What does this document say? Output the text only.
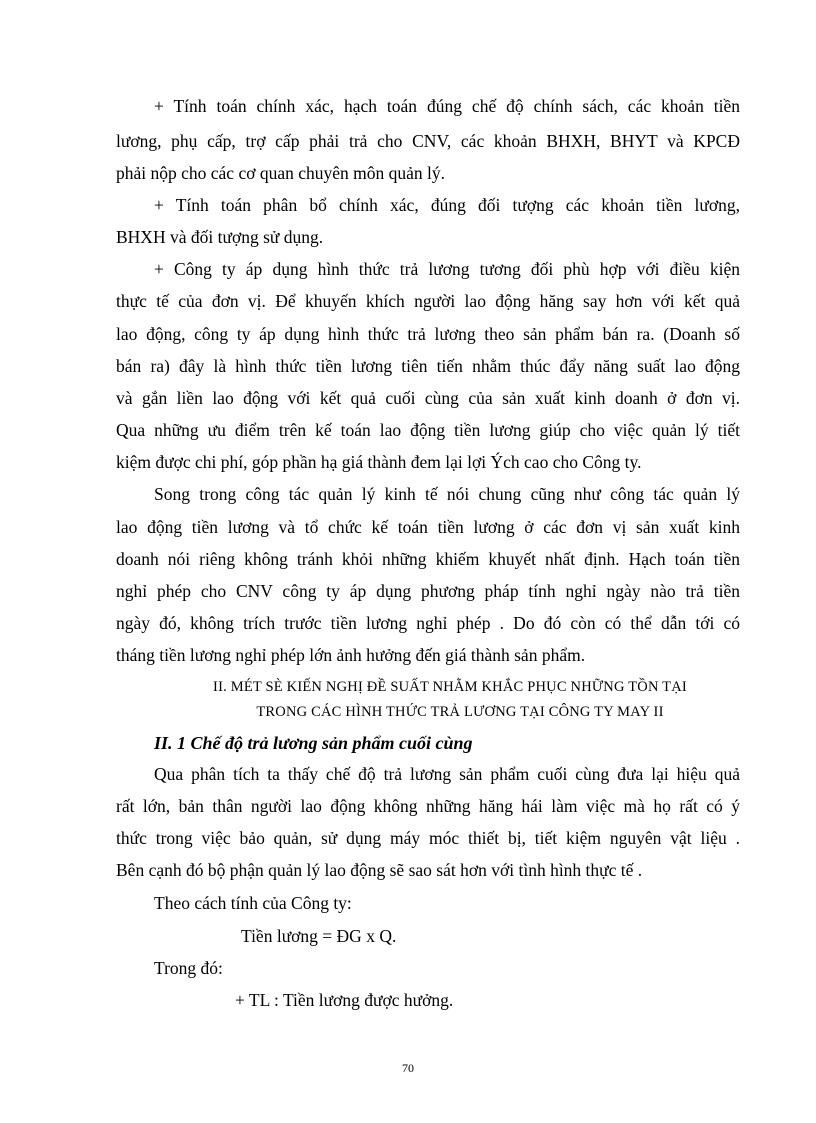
+ Tính toán chính xác, hạch toán đúng chế độ chính sách, các khoản tiền
lương, phụ cấp, trợ cấp phải trả cho CNV, các khoản BHXH, BHYT và KPCĐ
phải nộp cho các cơ quan chuyên môn quản lý.
+ Tính toán phân bổ chính xác, đúng đối tượng các khoản tiền lương,
BHXH và đối tượng sử dụng.
+ Công ty áp dụng hình thức trả lương tương đối phù hợp với điều kiện
thực tế của đơn vị. Để khuyến khích người lao động hăng say hơn với kết quả
lao động, công ty áp dụng hình thức trả lương theo sản phẩm bán ra. (Doanh số
bán ra) đây là hình thức tiền lương tiên tiến nhằm thúc đẩy năng suất lao động
và gắn liền lao động với kết quả cuối cùng của sản xuất kinh doanh ở đơn vị.
Qua những ưu điểm trên kế toán lao động tiền lương giúp cho việc quản lý tiết
kiệm được chi phí, góp phần hạ giá thành đem lại lợi Ých cao cho Công ty.
Song trong công tác quản lý kinh tế nói chung cũng như công tác quản lý
lao động tiền lương và tổ chức kế toán tiền lương ở các đơn vị sản xuất kinh
doanh nói riêng không tránh khỏi những khiếm khuyết nhất định. Hạch toán tiền
nghỉ phép cho CNV công ty áp dụng phương pháp tính nghỉ ngày nào trả tiền
ngày đó, không trích trước tiền lương nghỉ phép . Do đó còn có thể dẫn tới có
tháng tiền lương nghỉ phép lớn ảnh hưởng đến giá thành sản phẩm.
II. MÉT SÈ KIẾN NGHỊ ĐỀ SUẤT NHẰM KHẮC PHỤC NHỮNG TỒN TẠI
TRONG CÁC HÌNH THỨC TRẢ LƯƠNG TẠI CÔNG TY MAY II
II. 1 Chế độ trả lương sản phẩm cuối cùng
Qua phân tích ta thấy chế độ trả lương sản phẩm cuối cùng đưa lại hiệu quả
rất lớn, bản thân người lao động không những hăng hái làm việc mà họ rất có ý
thức trong việc bảo quản, sử dụng máy móc thiết bị, tiết kiệm nguyên vật liệu .
Bên cạnh đó bộ phận quản lý lao động sẽ sao sát hơn với tình hình thực tế .
Theo cách tính của Công ty:
Tiền lương = ĐG x Q.
Trong đó:
+ TL : Tiền lương được hưởng.
70
